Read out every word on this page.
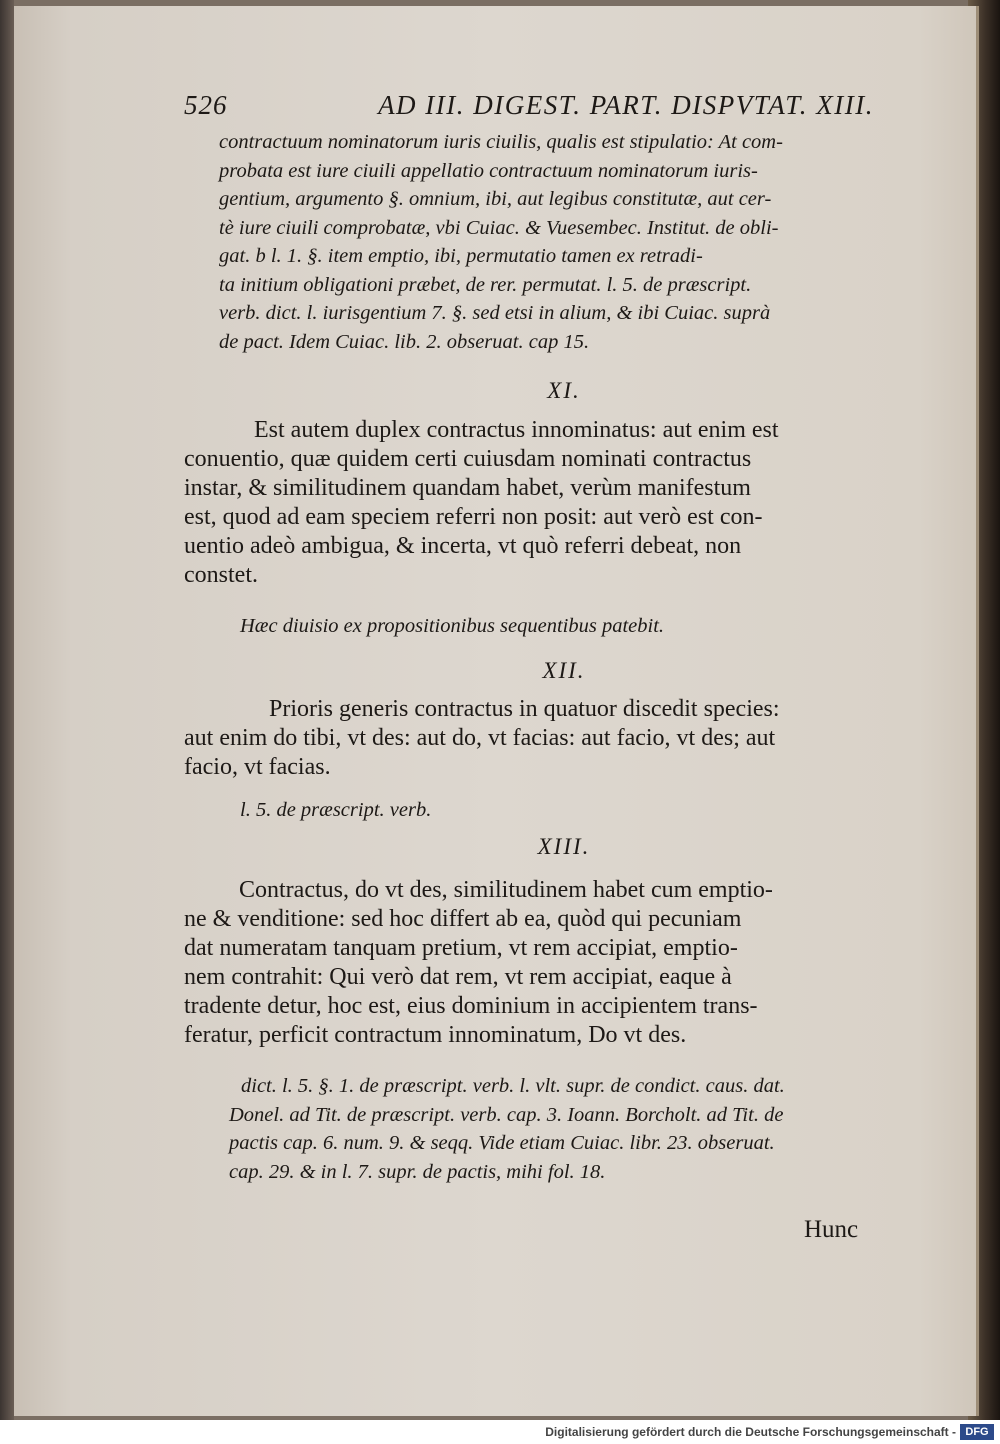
526	AD III. DIGEST. PART. DISPVTAT. XIII.
contractuum nominatorum iuris ciuilis, qualis est stipulatio: At com-
probata est iure ciuili appellatio contractuum nominatorum iuris-
gentium, argumento §. omnium, ibi, aut legibus constitutæ, aut cer-
tè iure ciuili comprobatæ, vbi Cuiac. & Vuesembec. Institut. de obli-
gat. b l. 1. §. item emptio, ibi, permutatio tamen ex retradi-
ta initium obligationi præbet, de rer. permutat. l. 5. de præscript.
verb. dict. l. iurisgentium 7. §. sed etsi in alium, & ibi Cuiac. suprà
de pact. Idem Cuiac. lib. 2. obseruat. cap 15.
XI.
Est autem duplex contractus innominatus: aut enim est
conuentio, quæ quidem certi cuiusdam nominati contractus
instar, & similitudinem quandam habet, verùm manifestum
est, quod ad eam speciem referri non posit: aut verò est con-
uentio adeò ambigua, & incerta, vt quò referri debeat, non
constet.
Hæc diuisio ex propositionibus sequentibus patebit.
XII.
Prioris generis contractus in quatuor discedit species:
aut enim do tibi, vt des: aut do, vt facias: aut facio, vt des; aut
facio, vt facias.
l. 5. de præscript. verb.
XIII.
Contractus, do vt des, similitudinem habet cum emptio-
ne & venditione: sed hoc differt ab ea, quòd qui pecuniam
dat numeratam tanquam pretium, vt rem accipiat, emptio-
nem contrahit: Qui verò dat rem, vt rem accipiat, eaque à
tradente detur, hoc est, eius dominium in accipientem trans-
feratur, perficit contractum innominatum, Do vt des.
dict. l. 5. §. 1. de præscript. verb. l. vlt. supr. de condict. caus. dat.
Donel. ad Tit. de præscript. verb. cap. 3. Ioann. Borcholt. ad Tit. de
pactis cap. 6. num. 9. & seqq. Vide etiam Cuiac. libr. 23. obseruat.
cap. 29. & in l. 7. supr. de pactis, mihi fol. 18.
Hunc
Digitalisierung gefördert durch die Deutsche Forschungsgemeinschaft - DFG
